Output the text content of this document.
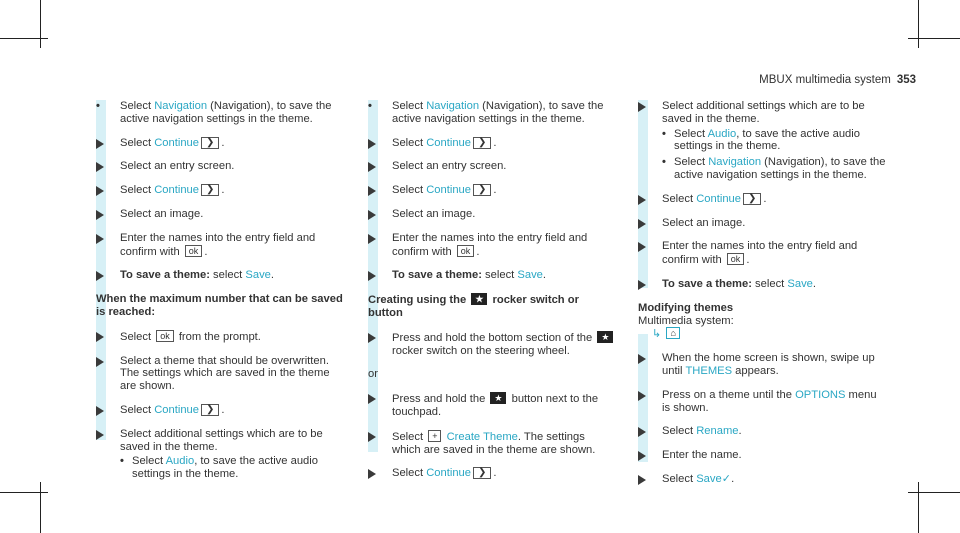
MBUX multimedia system 353
• Select Navigation (Navigation), to save the active navigation settings in the theme.
Select Continue ❯ .
Select an entry screen.
Select Continue ❯ .
Select an image.
Enter the names into the entry field and confirm with ok .
To save a theme: select Save.
When the maximum number that can be saved is reached:
Select ok from the prompt.
Select a theme that should be overwritten. The settings which are saved in the theme are shown.
Select Continue ❯ .
Select additional settings which are to be saved in the theme.
• Select Audio, to save the active audio settings in the theme.
• Select Navigation (Navigation), to save the active navigation settings in the theme.
Select Continue ❯ .
Select an entry screen.
Select Continue ❯ .
Select an image.
Enter the names into the entry field and confirm with ok .
To save a theme: select Save.
Creating using the ★ rocker switch or button
Press and hold the bottom section of the ★ rocker switch on the steering wheel.
or
Press and hold the ★ button next to the touchpad.
Select + Create Theme. The settings which are saved in the theme are shown.
Select Continue ❯ .
Select additional settings which are to be saved in the theme.
• Select Audio, to save the active audio settings in the theme.
• Select Navigation (Navigation), to save the active navigation settings in the theme.
Select Continue ❯ .
Select an image.
Enter the names into the entry field and confirm with ok .
To save a theme: select Save.
Modifying themes
Multimedia system:
↳ ⌂
When the home screen is shown, swipe up until THEMES appears.
Press on a theme until the OPTIONS menu is shown.
Select Rename.
Enter the name.
Select Save✓.
